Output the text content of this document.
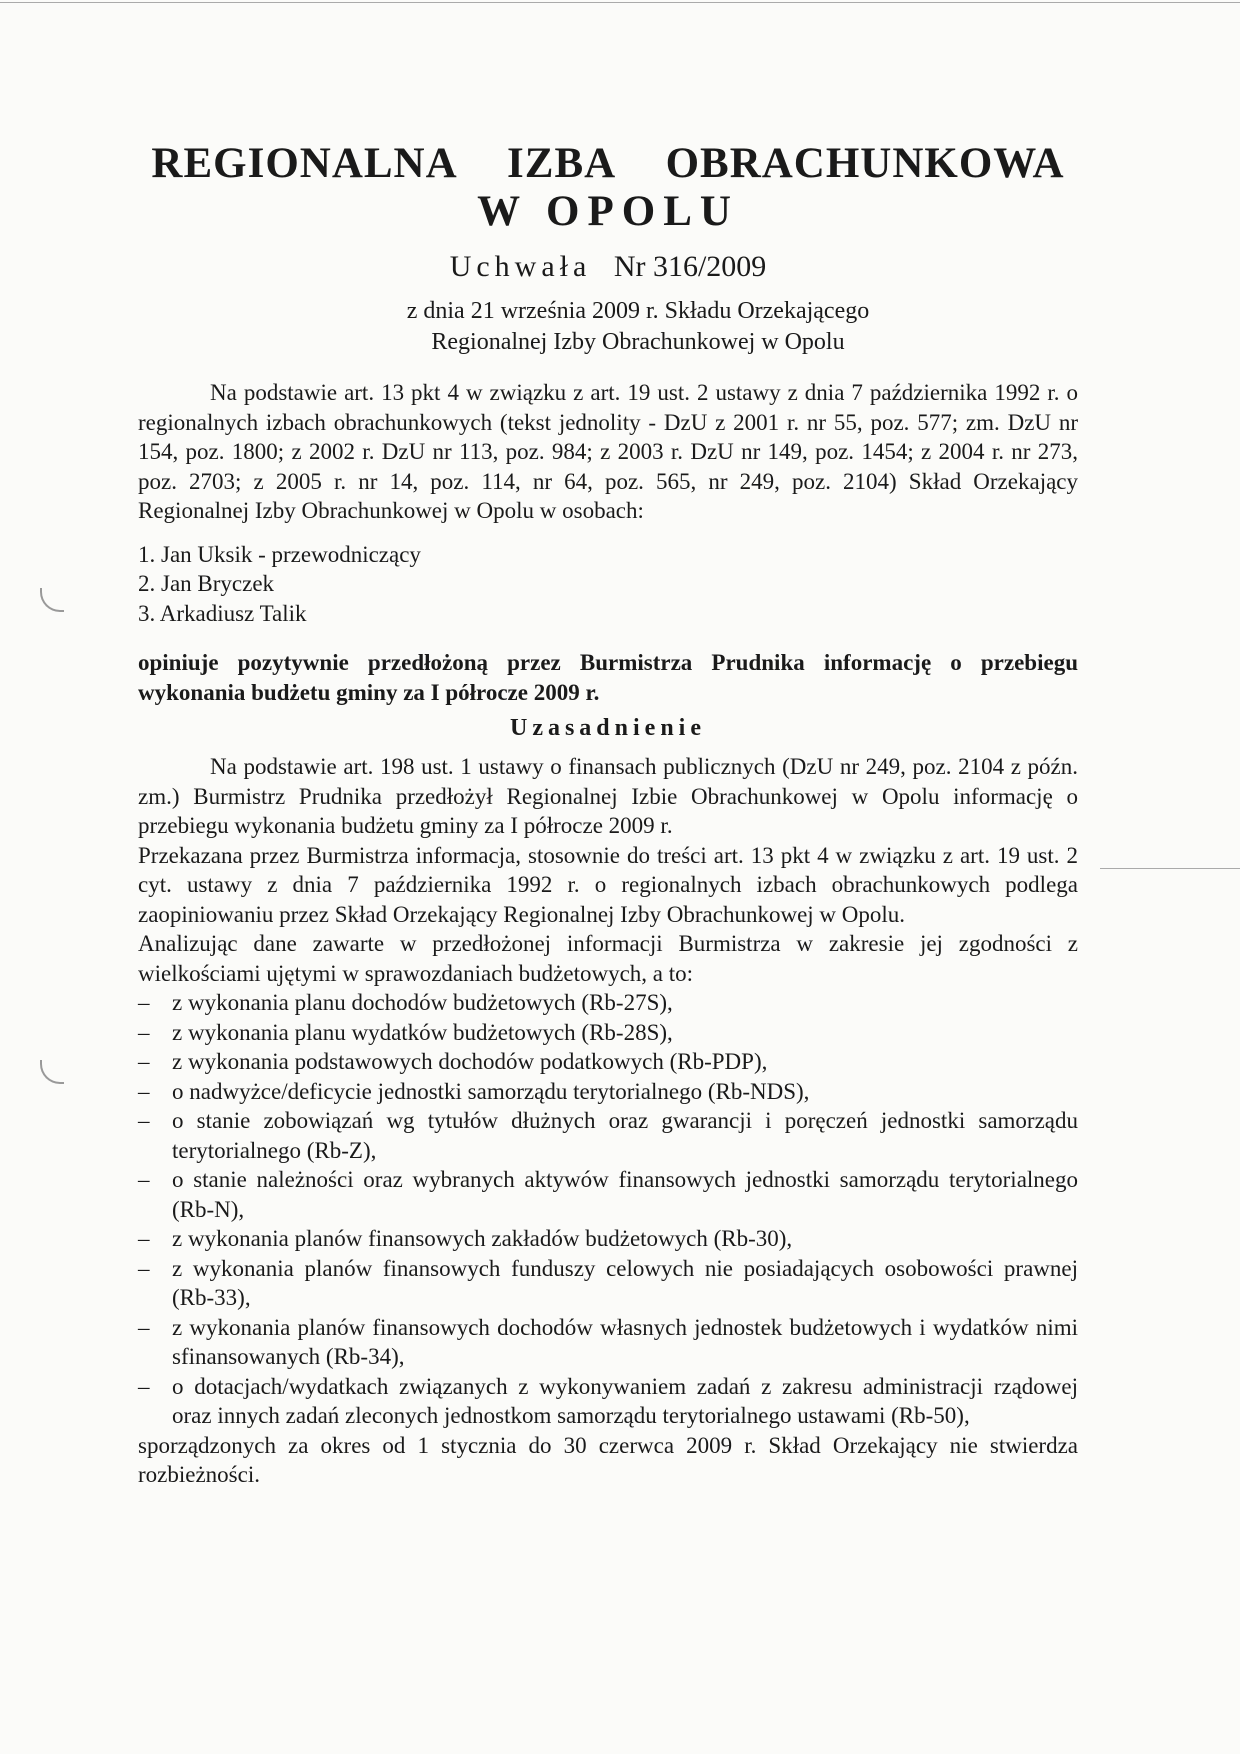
REGIONALNA IZBA OBRACHUNKOWA
W OPOLU
Uchwała Nr 316/2009
z dnia 21 września 2009 r. Składu Orzekającego
Regionalnej Izby Obrachunkowej w Opolu

Na podstawie art. 13 pkt 4 w związku z art. 19 ust. 2 ustawy z dnia 7 października 1992 r. o regionalnych izbach obrachunkowych (tekst jednolity - DzU z 2001 r. nr 55, poz. 577; zm. DzU nr 154, poz. 1800; z 2002 r. DzU nr 113, poz. 984; z 2003 r. DzU nr 149, poz. 1454; z 2004 r. nr 273, poz. 2703; z 2005 r. nr 14, poz. 114, nr 64, poz. 565, nr 249, poz. 2104) Skład Orzekający Regionalnej Izby Obrachunkowej w Opolu w osobach:

1. Jan Uksik - przewodniczący

2. Jan Bryczek

3. Arkadiusz Talik

opiniuje pozytywnie przedłożoną przez Burmistrza Prudnika informację o przebiegu wykonania budżetu gminy za I półrocze 2009 r.

Uzasadnienie

Na podstawie art. 198 ust. 1 ustawy o finansach publicznych (DzU nr 249, poz. 2104 z późn. zm.) Burmistrz Prudnika przedłożył Regionalnej Izbie Obrachunkowej w Opolu informację o przebiegu wykonania budżetu gminy za I półrocze 2009 r.

Przekazana przez Burmistrza informacja, stosownie do treści art. 13 pkt 4 w związku z art. 19 ust. 2 cyt. ustawy z dnia 7 października 1992 r. o regionalnych izbach obrachunkowych podlega zaopiniowaniu przez Skład Orzekający Regionalnej Izby Obrachunkowej w Opolu.

Analizując dane zawarte w przedłożonej informacji Burmistrza w zakresie jej zgodności z wielkościami ujętymi w sprawozdaniach budżetowych, a to:

– z wykonania planu dochodów budżetowych (Rb-27S),
– z wykonania planu wydatków budżetowych (Rb-28S),
– z wykonania podstawowych dochodów podatkowych (Rb-PDP),
– o nadwyżce/deficycie jednostki samorządu terytorialnego (Rb-NDS),
– o stanie zobowiązań wg tytułów dłużnych oraz gwarancji i poręczeń jednostki samorządu terytorialnego (Rb-Z),
– o stanie należności oraz wybranych aktywów finansowych jednostki samorządu terytorialnego (Rb-N),
– z wykonania planów finansowych zakładów budżetowych (Rb-30),
– z wykonania planów finansowych funduszy celowych nie posiadających osobowości prawnej (Rb-33),
– z wykonania planów finansowych dochodów własnych jednostek budżetowych i wydatków nimi sfinansowanych (Rb-34),
– o dotacjach/wydatkach związanych z wykonywaniem zadań z zakresu administracji rządowej oraz innych zadań zleconych jednostkom samorządu terytorialnego ustawami (Rb-50),

sporządzonych za okres od 1 stycznia do 30 czerwca 2009 r. Skład Orzekający nie stwierdza rozbieżności.
